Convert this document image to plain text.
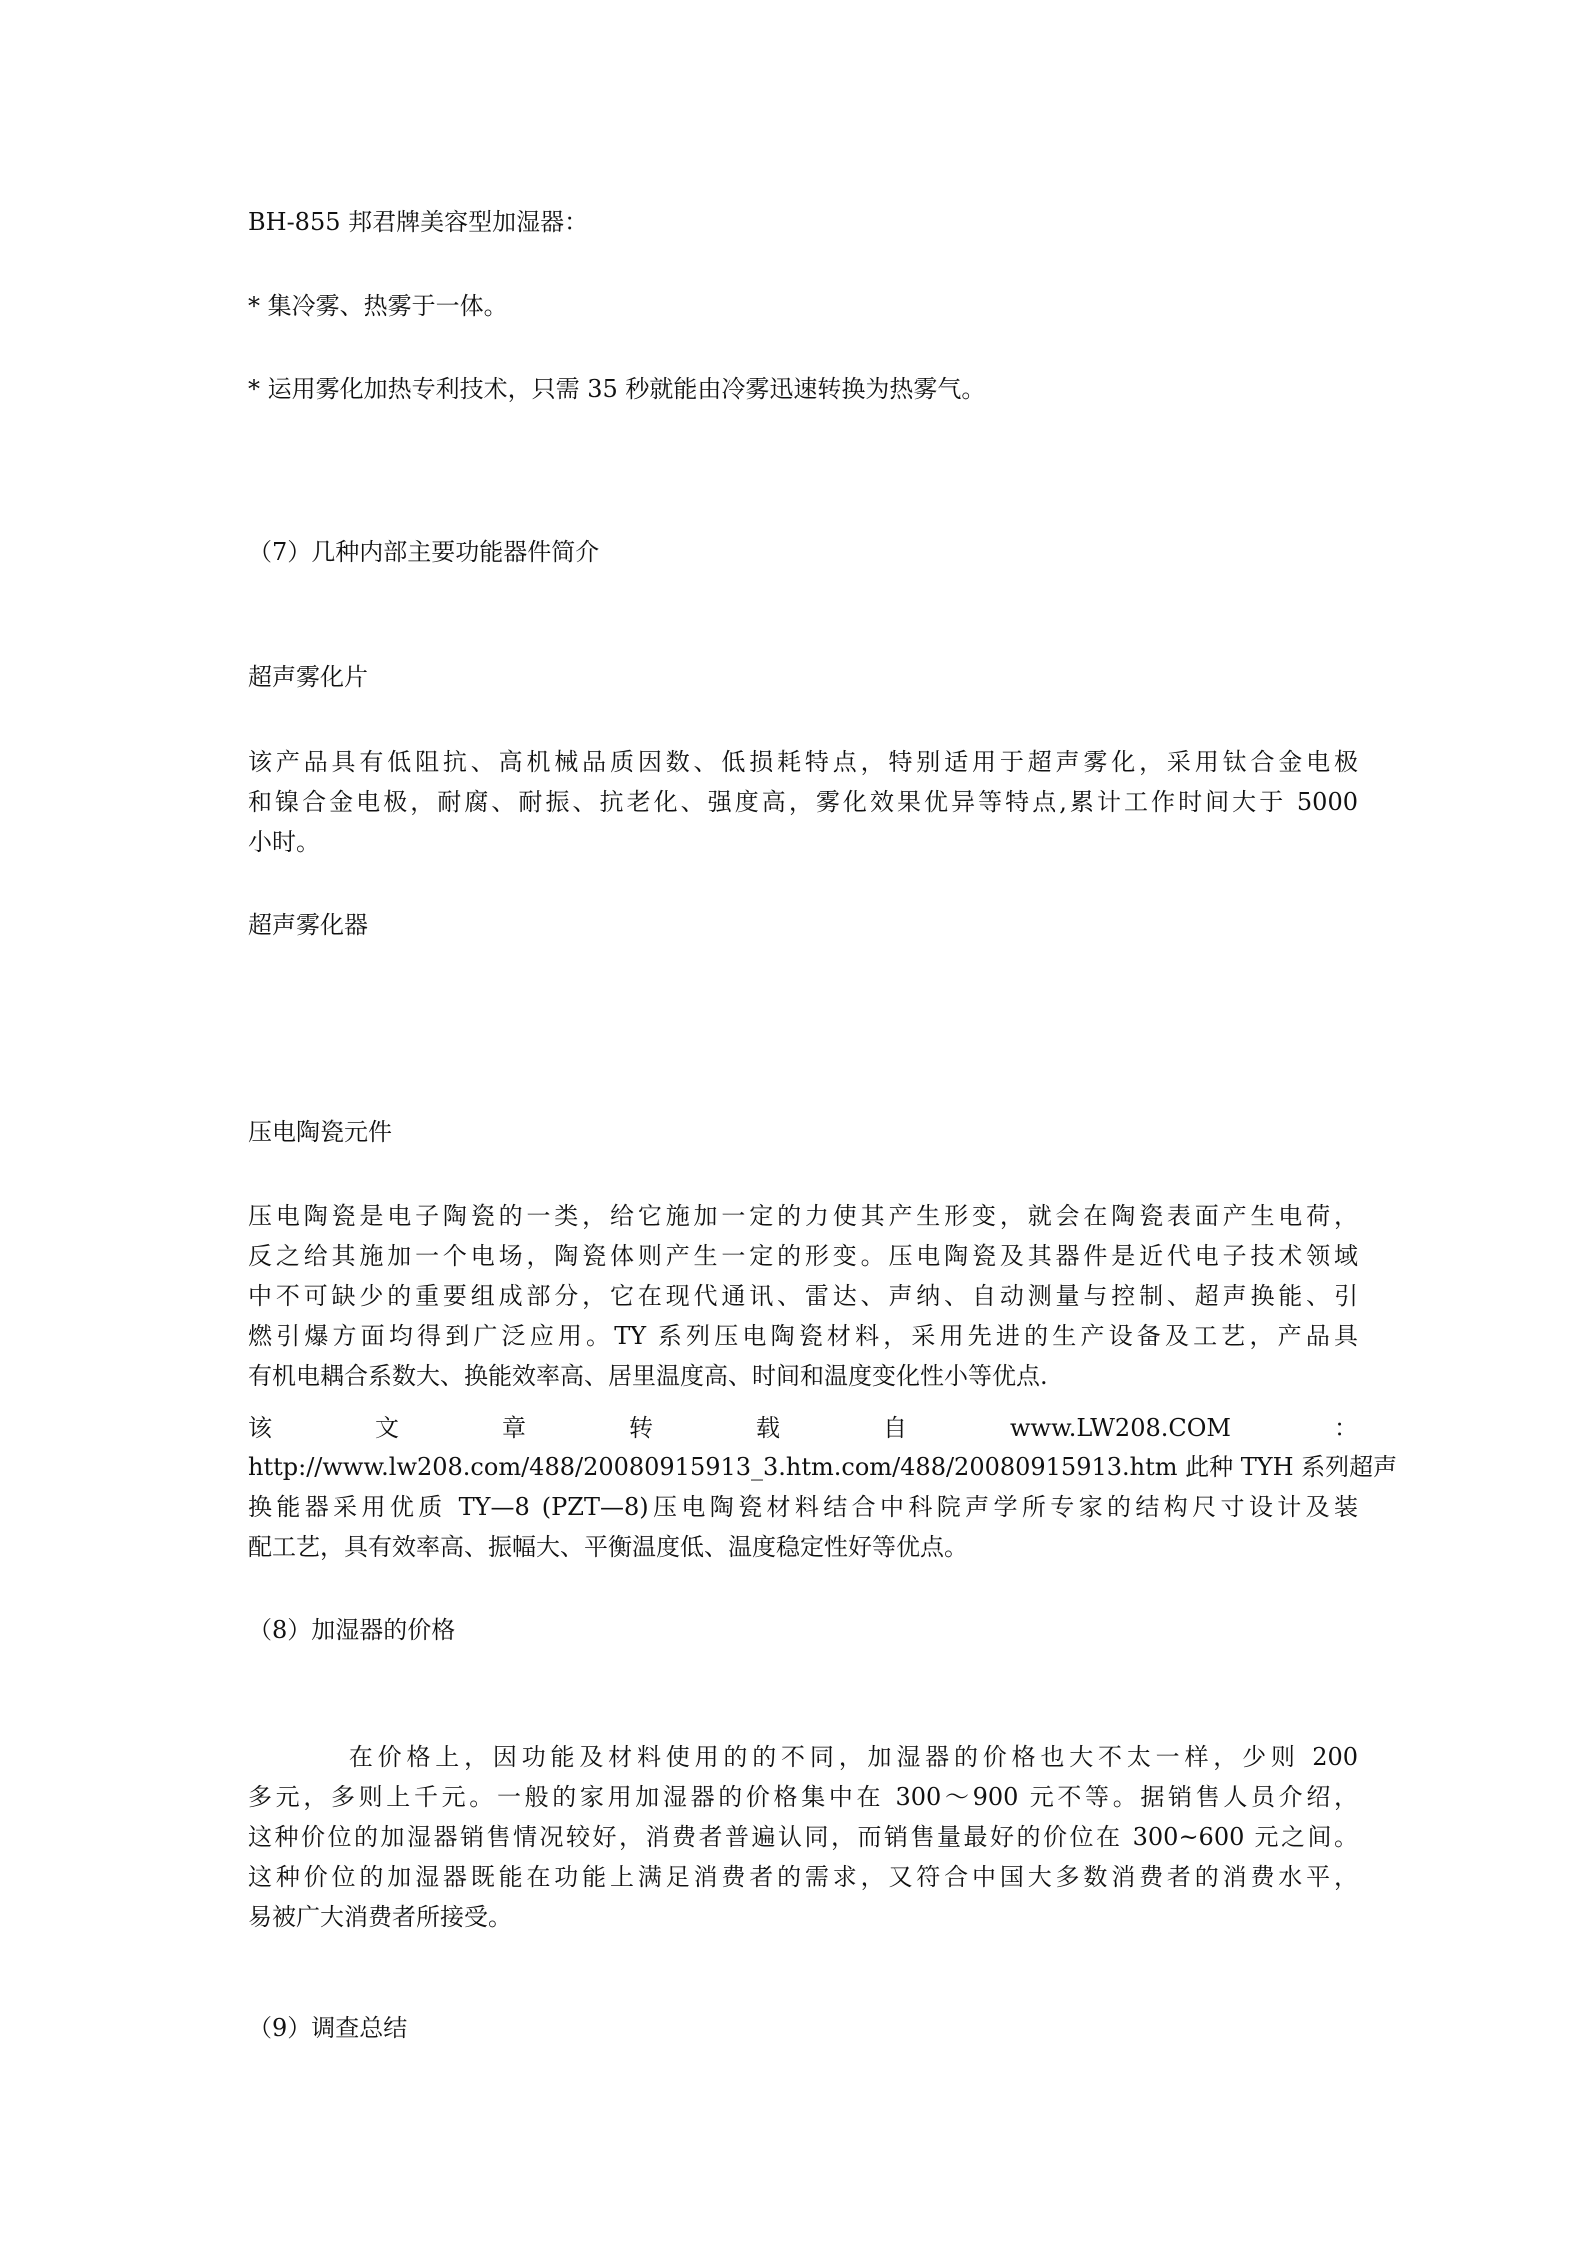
BH-855 邦君牌美容型加湿器：
* 集冷雾、热雾于一体。
* 运用雾化加热专利技术，只需 35 秒就能由冷雾迅速转换为热雾气。
（7）几种内部主要功能器件简介
超声雾化片
该产品具有低阻抗、高机械品质因数、低损耗特点，特别适用于超声雾化，采用钛合金电极
和镍合金电极，耐腐、耐振、抗老化、强度高，雾化效果优异等特点,累计工作时间大于 5000
小时。
超声雾化器
压电陶瓷元件
压电陶瓷是电子陶瓷的一类，给它施加一定的力使其产生形变，就会在陶瓷表面产生电荷，
反之给其施加一个电场，陶瓷体则产生一定的形变。压电陶瓷及其器件是近代电子技术领域
中不可缺少的重要组成部分，它在现代通讯、雷达、声纳、自动测量与控制、超声换能、引
燃引爆方面均得到广泛应用。TY 系列压电陶瓷材料，采用先进的生产设备及工艺，产品具
有机电耦合系数大、换能效率高、居里温度高、时间和温度变化性小等优点.
该	文	章	转	载	自	www.LW208.COM	：
http://www.lw208.com/488/20080915913_3.htm.com/488/20080915913.htm 此种 TYH 系列超声
换能器采用优质 TY—8 (PZT—8)压电陶瓷材料结合中科院声学所专家的结构尺寸设计及装
配工艺，具有效率高、振幅大、平衡温度低、温度稳定性好等优点。
（8）加湿器的价格
在价格上，因功能及材料使用的的不同，加湿器的价格也大不太一样，少则 200
多元，多则上千元。一般的家用加湿器的价格集中在 300～900 元不等。据销售人员介绍，
这种价位的加湿器销售情况较好，消费者普遍认同，而销售量最好的价位在 300~600 元之间。
这种价位的加湿器既能在功能上满足消费者的需求，又符合中国大多数消费者的消费水平，
易被广大消费者所接受。
（9）调查总结
